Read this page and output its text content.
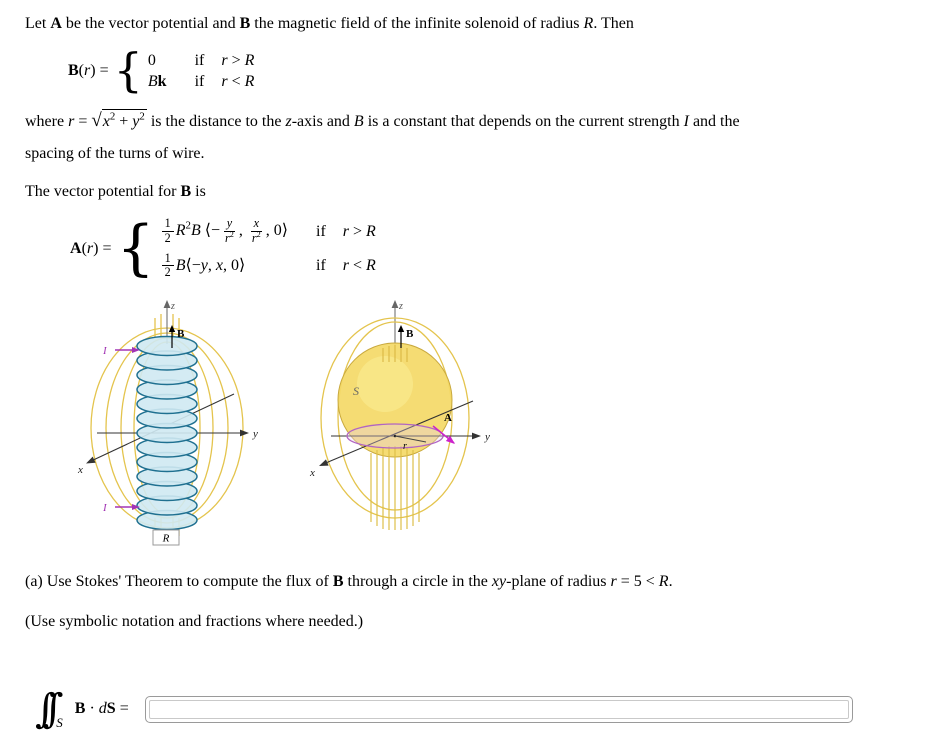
Let A be the vector potential and B the magnetic field of the infinite solenoid of radius R. Then

B(r) = { 0 if r > R
Bk if r < R

where r = √ $x^2 + y^2$ is the distance to the z-axis and B is a constant that depends on the current strength I and the

spacing of the turns of wire.

The vector potential for B is

A(r) = { $\frac{1}{2} R^2B$ ⟨− $\frac{y}{r^2}$ , $\frac{x}{r^2}$ , 0⟩ if r > R
$\frac{1}{2}$ B⟨−y, x, 0⟩	if r < R
B
I
I
x
y
z
R
B
r
A
S
x
y
z

(a) Use Stokes' Theorem to compute the flux of B through a circle in the xy-plane of radius r = 5 < R.

(Use symbolic notation and fractions where needed.)

∫∫ S
B · dS =
